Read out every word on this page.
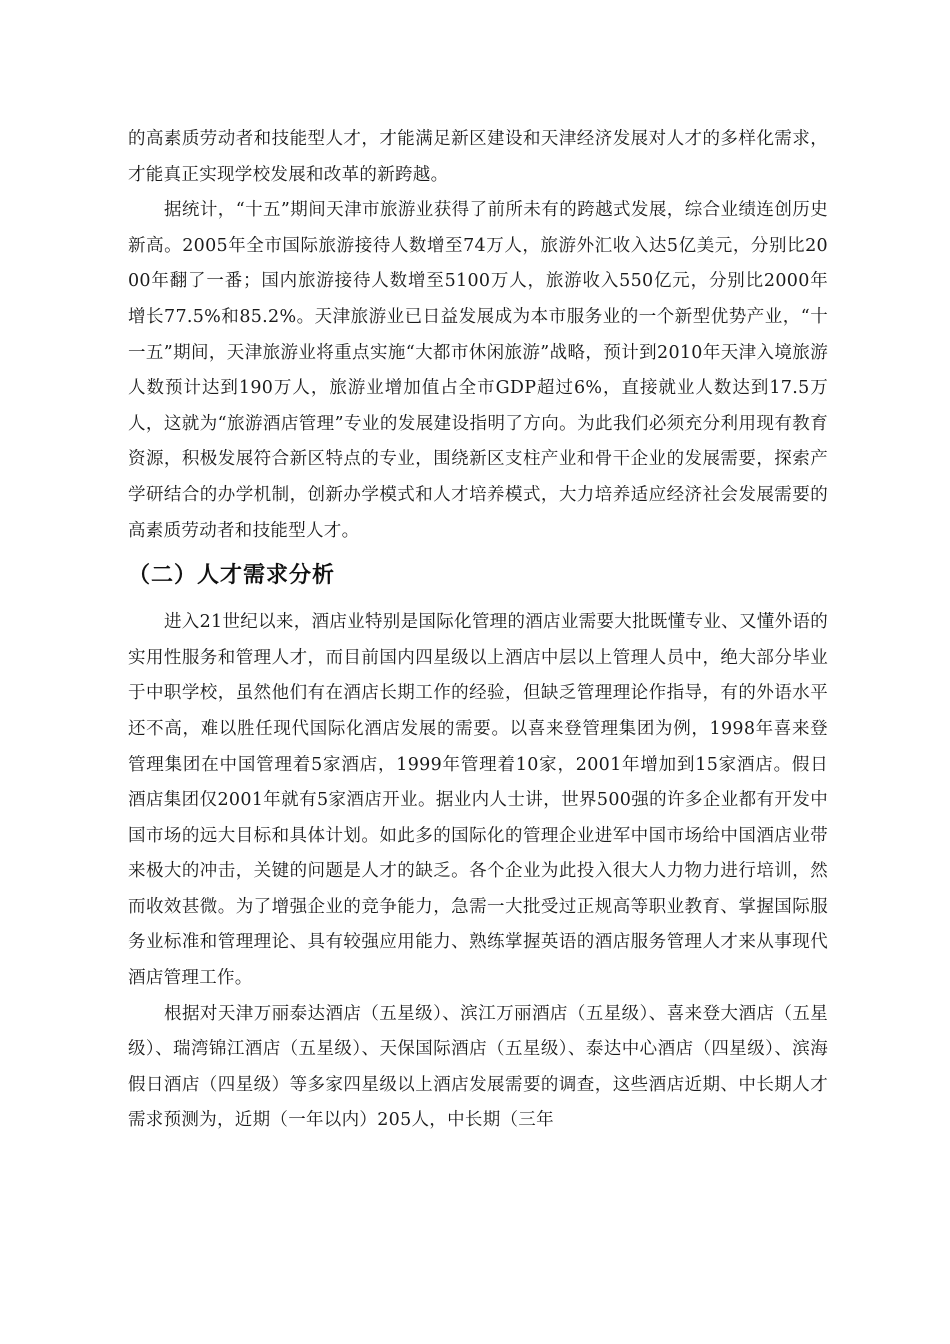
的高素质劳动者和技能型人才，才能满足新区建设和天津经济发展对人才的多样化需求，才能真正实现学校发展和改革的新跨越。

据统计，“十五”期间天津市旅游业获得了前所未有的跨越式发展，综合业绩连创历史新高。2005年全市国际旅游接待人数增至74万人，旅游外汇收入达5亿美元，分别比2000年翻了一番；国内旅游接待人数增至5100万人，旅游收入550亿元，分别比2000年增长77.5%和85.2%。天津旅游业已日益发展成为本市服务业的一个新型优势产业，“十一五”期间，天津旅游业将重点实施“大都市休闲旅游”战略，预计到2010年天津入境旅游人数预计达到190万人，旅游业增加值占全市GDP超过6%，直接就业人数达到17.5万人，这就为“旅游酒店管理”专业的发展建设指明了方向。为此我们必须充分利用现有教育资源，积极发展符合新区特点的专业，围绕新区支柱产业和骨干企业的发展需要，探索产学研结合的办学机制，创新办学模式和人才培养模式，大力培养适应经济社会发展需要的高素质劳动者和技能型人才。

（二）人才需求分析

进入21世纪以来，酒店业特别是国际化管理的酒店业需要大批既懂专业、又懂外语的实用性服务和管理人才，而目前国内四星级以上酒店中层以上管理人员中，绝大部分毕业于中职学校，虽然他们有在酒店长期工作的经验，但缺乏管理理论作指导，有的外语水平还不高，难以胜任现代国际化酒店发展的需要。以喜来登管理集团为例，1998年喜来登管理集团在中国管理着5家酒店，1999年管理着10家，2001年增加到15家酒店。假日酒店集团仅2001年就有5家酒店开业。据业内人士讲，世界500强的许多企业都有开发中国市场的远大目标和具体计划。如此多的国际化的管理企业进军中国市场给中国酒店业带来极大的冲击，关键的问题是人才的缺乏。各个企业为此投入很大人力物力进行培训，然而收效甚微。为了增强企业的竞争能力，急需一大批受过正规高等职业教育、掌握国际服务业标准和管理理论、具有较强应用能力、熟练掌握英语的酒店服务管理人才来从事现代酒店管理工作。

根据对天津万丽泰达酒店（五星级）、滨江万丽酒店（五星级）、喜来登大酒店（五星级）、瑞湾锦江酒店（五星级）、天保国际酒店（五星级）、泰达中心酒店（四星级）、滨海假日酒店（四星级）等多家四星级以上酒店发展需要的调查，这些酒店近期、中长期人才需求预测为，近期（一年以内）205人，中长期（三年
